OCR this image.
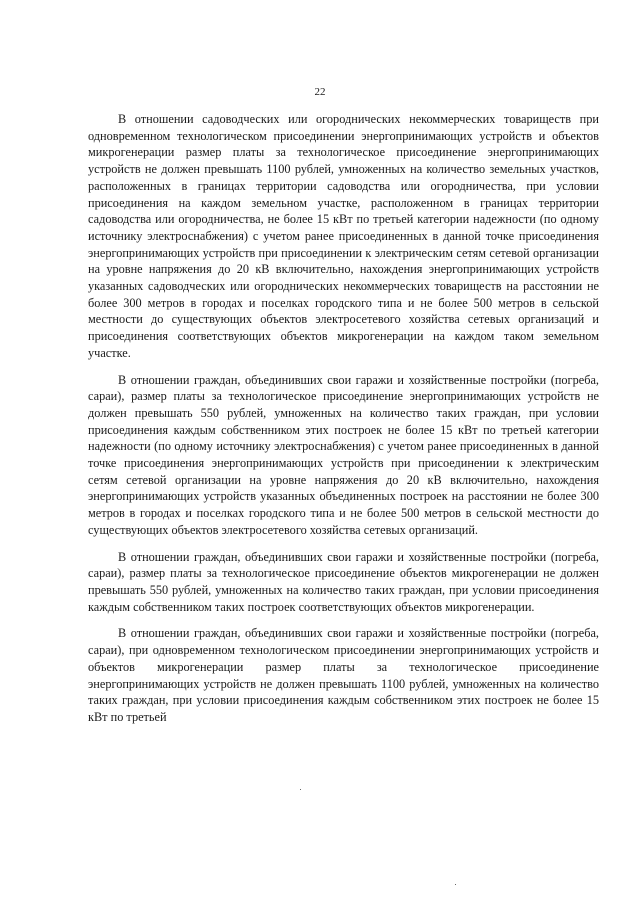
22

В отношении садоводческих или огороднических некоммерческих товариществ при одновременном технологическом присоединении энергопринимающих устройств и объектов микрогенерации размер платы за технологическое присоединение энергопринимающих устройств не должен превышать 1100 рублей, умноженных на количество земельных участков, расположенных в границах территории садоводства или огородничества, при условии присоединения на каждом земельном участке, расположенном в границах территории садоводства или огородничества, не более 15 кВт по третьей категории надежности (по одному источнику электроснабжения) с учетом ранее присоединенных в данной точке присоединения энергопринимающих устройств при присоединении к электрическим сетям сетевой организации на уровне напряжения до 20 кВ включительно, нахождения энергопринимающих устройств указанных садоводческих или огороднических некоммерческих товариществ на расстоянии не более 300 метров в городах и поселках городского типа и не более 500 метров в сельской местности до существующих объектов электросетевого хозяйства сетевых организаций и присоединения соответствующих объектов микрогенерации на каждом таком земельном участке.

В отношении граждан, объединивших свои гаражи и хозяйственные постройки (погреба, сараи), размер платы за технологическое присоединение энергопринимающих устройств не должен превышать 550 рублей, умноженных на количество таких граждан, при условии присоединения каждым собственником этих построек не более 15 кВт по третьей категории надежности (по одному источнику электроснабжения) с учетом ранее присоединенных в данной точке присоединения энергопринимающих устройств при присоединении к электрическим сетям сетевой организации на уровне напряжения до 20 кВ включительно, нахождения энергопринимающих устройств указанных объединенных построек на расстоянии не более 300 метров в городах и поселках городского типа и не более 500 метров в сельской местности до существующих объектов электросетевого хозяйства сетевых организаций.

В отношении граждан, объединивших свои гаражи и хозяйственные постройки (погреба, сараи), размер платы за технологическое присоединение объектов микрогенерации не должен превышать 550 рублей, умноженных на количество таких граждан, при условии присоединения каждым собственником таких построек соответствующих объектов микрогенерации.

В отношении граждан, объединивших свои гаражи и хозяйственные постройки (погреба, сараи), при одновременном технологическом присоединении энергопринимающих устройств и объектов микрогенерации размер платы за технологическое присоединение энергопринимающих устройств не должен превышать 1100 рублей, умноженных на количество таких граждан, при условии присоединения каждым собственником этих построек не более 15 кВт по третьей
